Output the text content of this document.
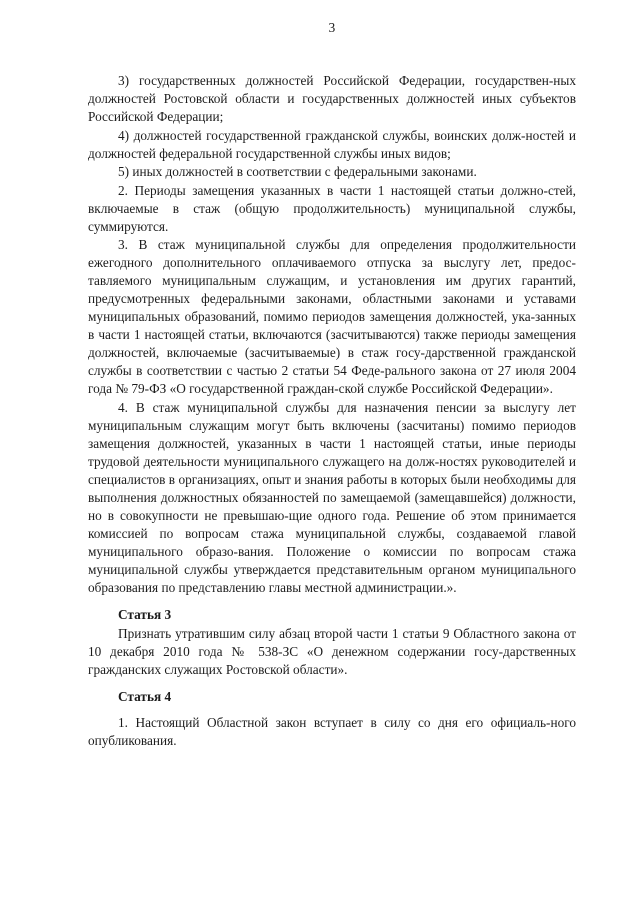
3

3) государственных должностей Российской Федерации, государствен-ных должностей Ростовской области и государственных должностей иных субъектов Российской Федерации;

4) должностей государственной гражданской службы, воинских долж-ностей и должностей федеральной государственной службы иных видов;

5) иных должностей в соответствии с федеральными законами.

2. Периоды замещения указанных в части 1 настоящей статьи должно-стей, включаемые в стаж (общую продолжительность) муниципальной службы, суммируются.

3. В стаж муниципальной службы для определения продолжительности ежегодного дополнительного оплачиваемого отпуска за выслугу лет, предос-тавляемого муниципальным служащим, и установления им других гарантий, предусмотренных федеральными законами, областными законами и уставами муниципальных образований, помимо периодов замещения должностей, ука-занных в части 1 настоящей статьи, включаются (засчитываются) также периоды замещения должностей, включаемые (засчитываемые) в стаж госу-дарственной гражданской службы в соответствии с частью 2 статьи 54 Феде-рального закона от 27 июля 2004 года № 79-ФЗ «О государственной граждан-ской службе Российской Федерации».

4. В стаж муниципальной службы для назначения пенсии за выслугу лет муниципальным служащим могут быть включены (засчитаны) помимо периодов замещения должностей, указанных в части 1 настоящей статьи, иные периоды трудовой деятельности муниципального служащего на долж-ностях руководителей и специалистов в организациях, опыт и знания работы в которых были необходимы для выполнения должностных обязанностей по замещаемой (замещавшейся) должности, но в совокупности не превышаю-щие одного года. Решение об этом принимается комиссией по вопросам стажа муниципальной службы, создаваемой главой муниципального образо-вания. Положение о комиссии по вопросам стажа муниципальной службы утверждается представительным органом муниципального образования по представлению главы местной администрации.».

Статья 3

Признать утратившим силу абзац второй части 1 статьи 9 Областного закона от 10 декабря 2010 года № 538-ЗС «О денежном содержании госу-дарственных гражданских служащих Ростовской области».

Статья 4

1. Настоящий Областной закон вступает в силу со дня его официаль-ного опубликования.
